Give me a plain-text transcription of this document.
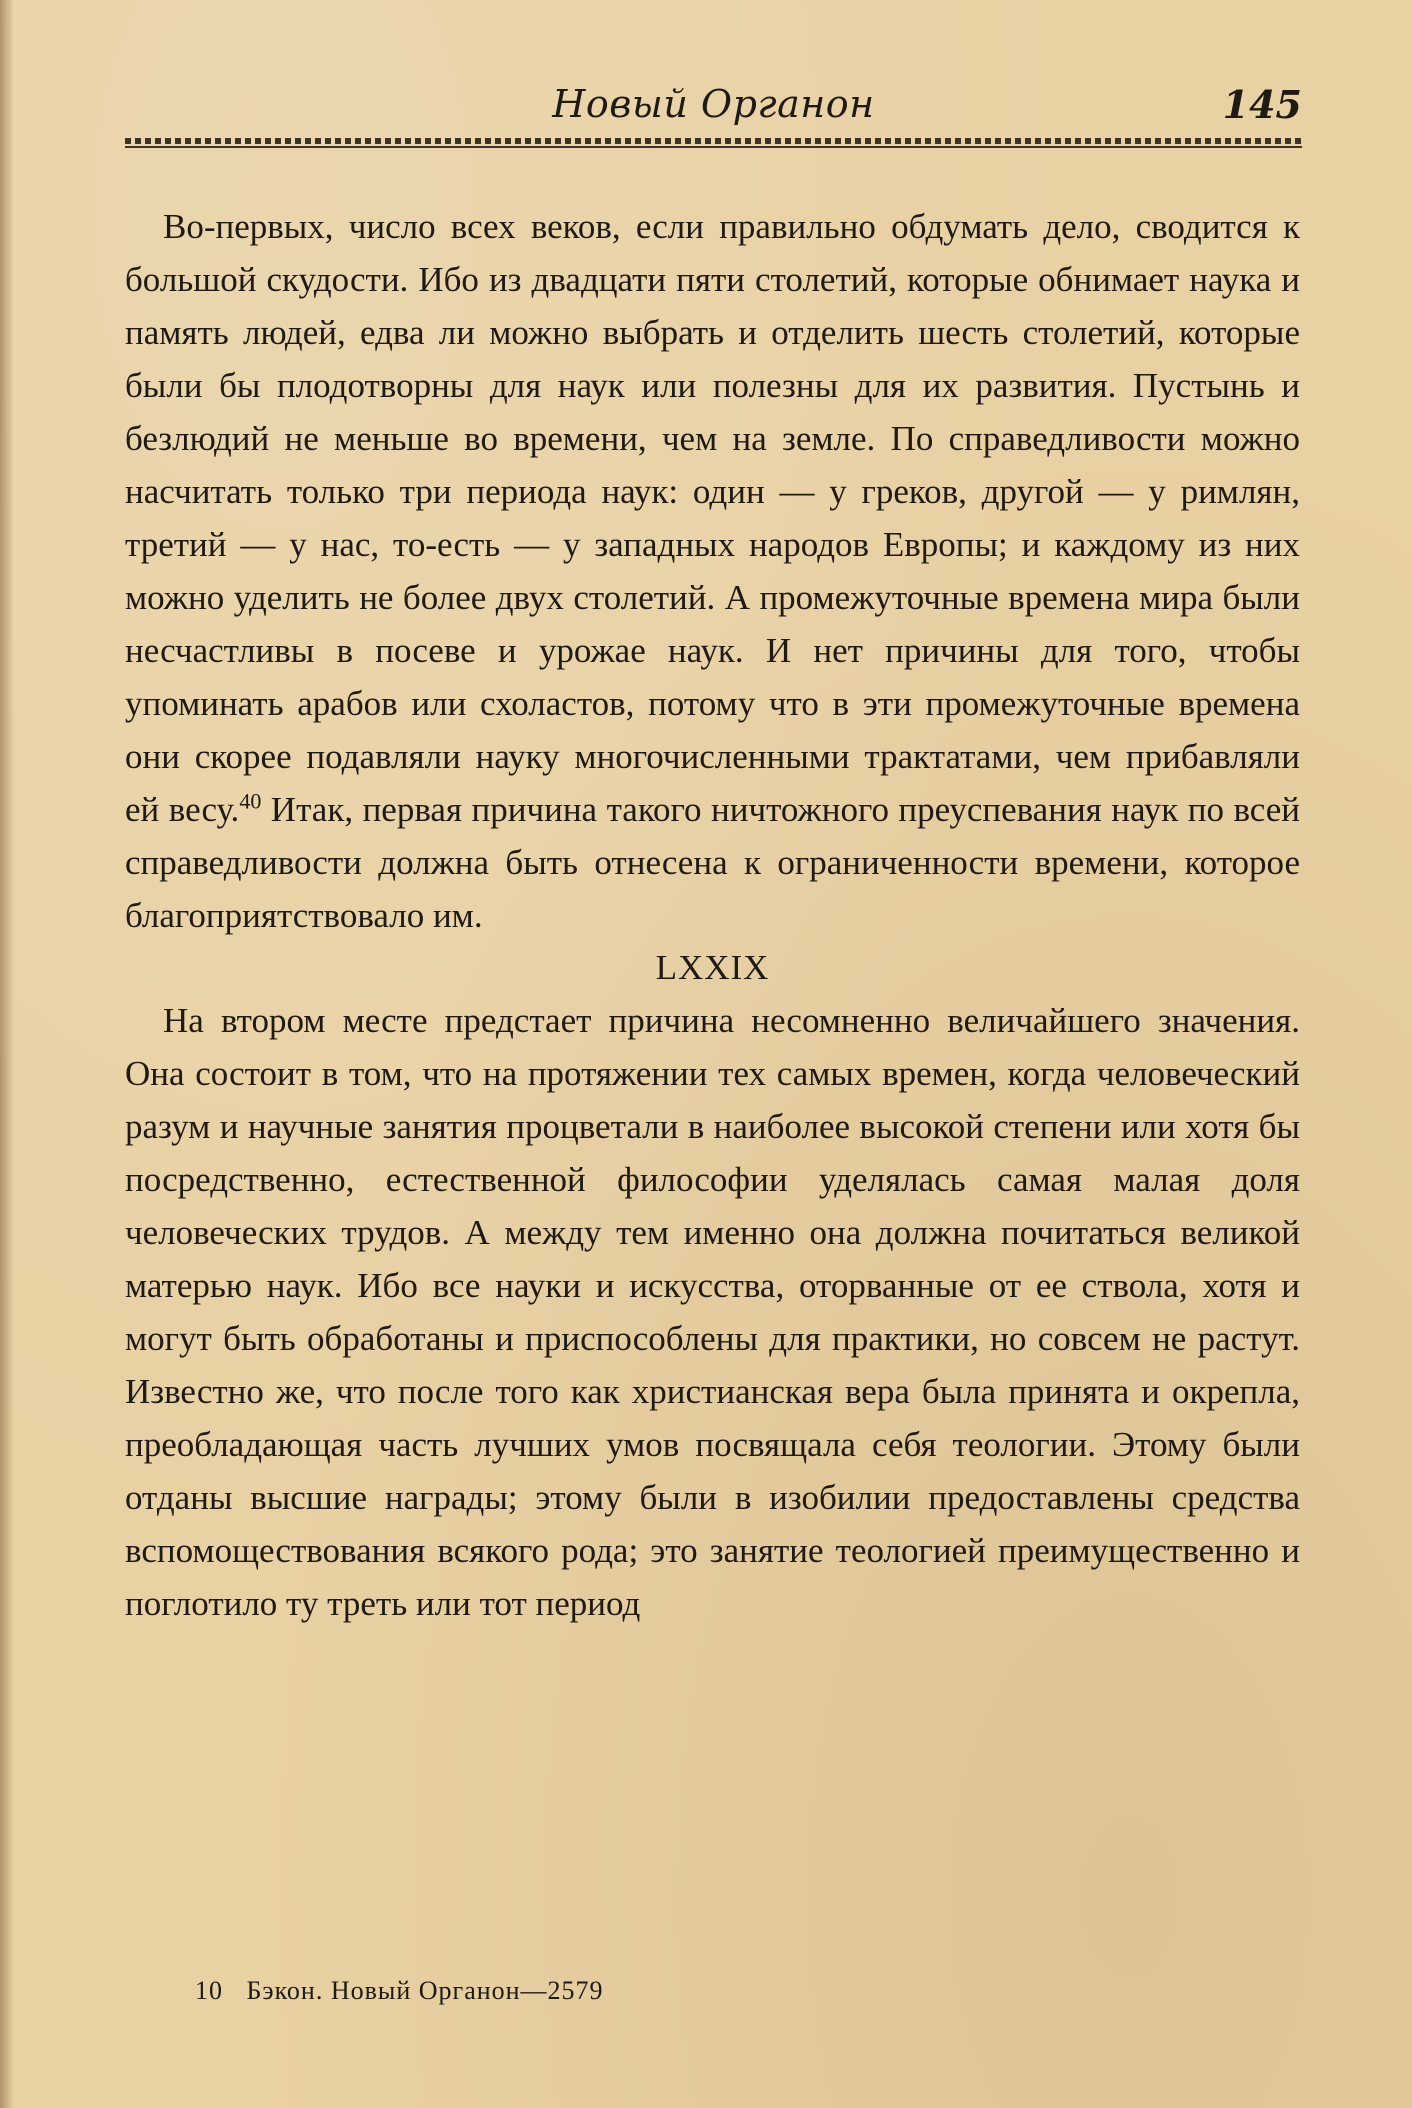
Новый Органон	145

Во-первых, число всех веков, если правильно обдумать дело, сводится к большой скудости. Ибо из двадцати пяти столетий, которые обнимает наука и память людей, едва ли можно выбрать и отделить шесть столетий, которые были бы плодотворны для наук или полезны для их развития. Пустынь и безлюдий не меньше во времени, чем на земле. По справедливости можно насчитать только три периода наук: один — у греков, другой — у римлян, третий — у нас, то-есть — у западных народов Европы; и каждому из них можно уделить не более двух столетий. А промежуточные времена мира были несчастливы в посеве и урожае наук. И нет причины для того, чтобы упоминать арабов или схоластов, потому что в эти промежуточные времена они скорее подавляли науку многочисленными трактатами, чем прибавляли ей весу.$^{40}$ Итак, первая причина такого ничтожного преуспевания наук по всей справедливости должна быть отнесена к ограниченности времени, которое благоприятствовало им.

LXXIX

На втором месте предстает причина несомненно величайшего значения. Она состоит в том, что на протяжении тех самых времен, когда человеческий разум и научные занятия процветали в наиболее высокой степени или хотя бы посредственно, естественной философии уделялась самая малая доля человеческих трудов. А между тем именно она должна почитаться великой матерью наук. Ибо все науки и искусства, оторванные от ее ствола, хотя и могут быть обработаны и приспособлены для практики, но совсем не растут. Известно же, что после того как христианская вера была принята и окрепла, преобладающая часть лучших умов посвящала себя теологии. Этому были отданы высшие награды; этому были в изобилии предоставлены средства вспомоществования всякого рода; это занятие теологией преимущественно и поглотило ту треть или тот период

10 Бэкон. Новый Органон—2579
